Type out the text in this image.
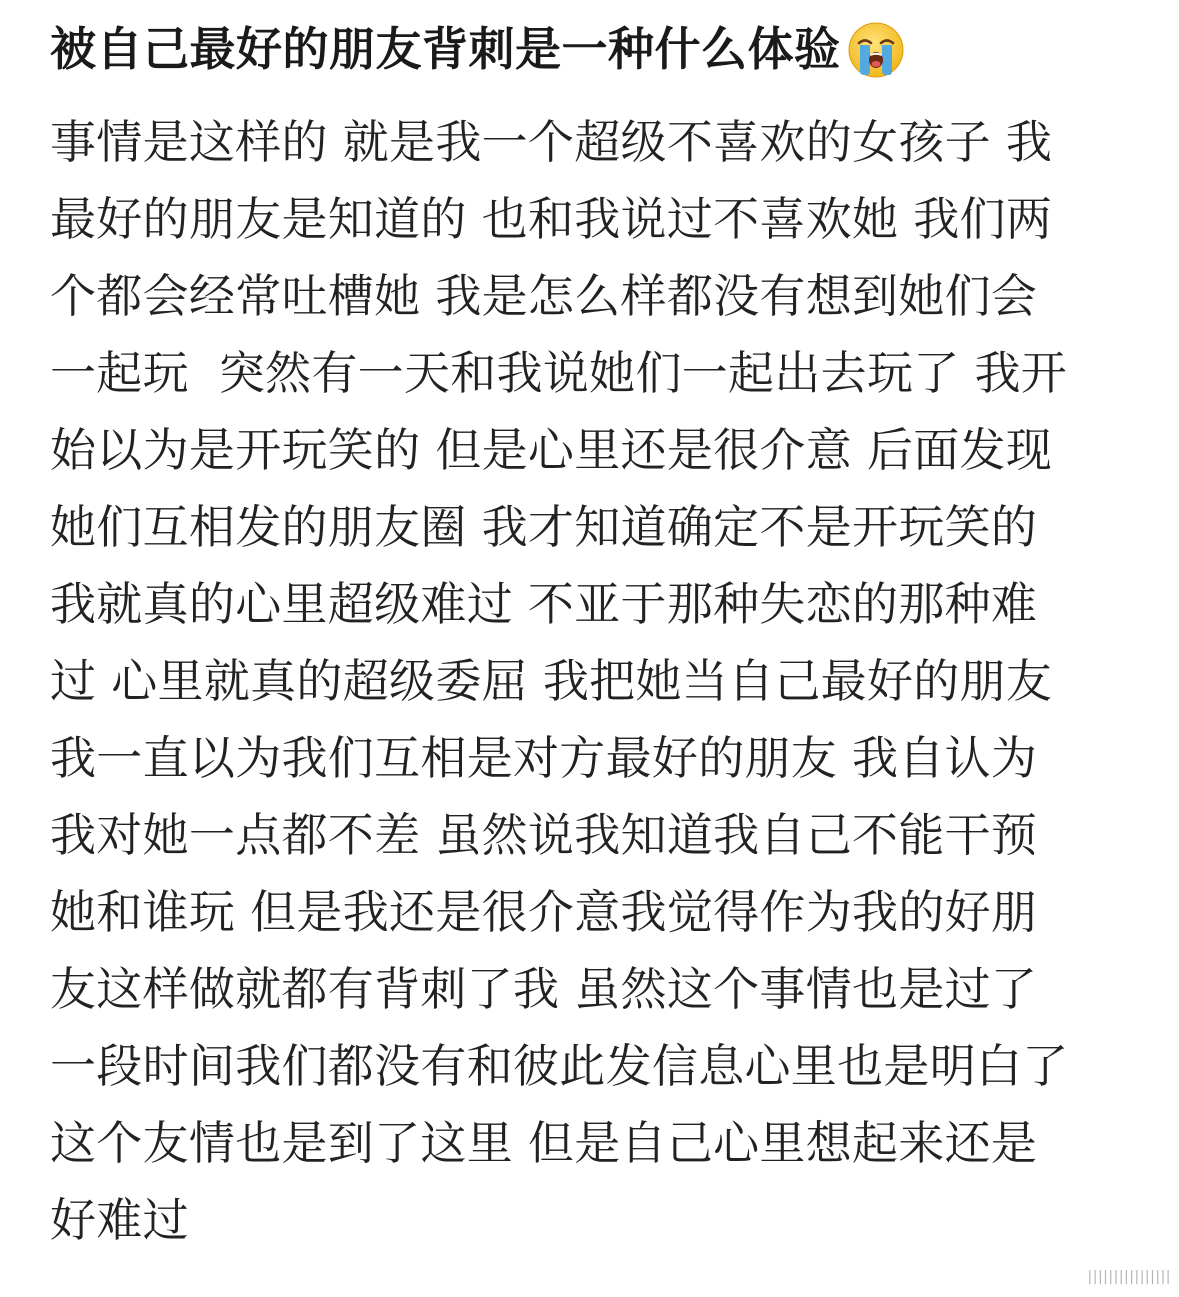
被自己最好的朋友背刺是一种什么体验
事情是这样的 就是我一个超级不喜欢的女孩子 我
最好的朋友是知道的 也和我说过不喜欢她 我们两
个都会经常吐槽她 我是怎么样都没有想到她们会
一起玩  突然有一天和我说她们一起出去玩了 我开
始以为是开玩笑的 但是心里还是很介意 后面发现
她们互相发的朋友圈 我才知道确定不是开玩笑的
我就真的心里超级难过 不亚于那种失恋的那种难
过 心里就真的超级委屈 我把她当自己最好的朋友
我一直以为我们互相是对方最好的朋友 我自认为
我对她一点都不差 虽然说我知道我自己不能干预
她和谁玩 但是我还是很介意我觉得作为我的好朋
友这样做就都有背刺了我 虽然这个事情也是过了
一段时间我们都没有和彼此发信息心里也是明白了
这个友情也是到了这里 但是自己心里想起来还是
好难过
||||||||||||||||
